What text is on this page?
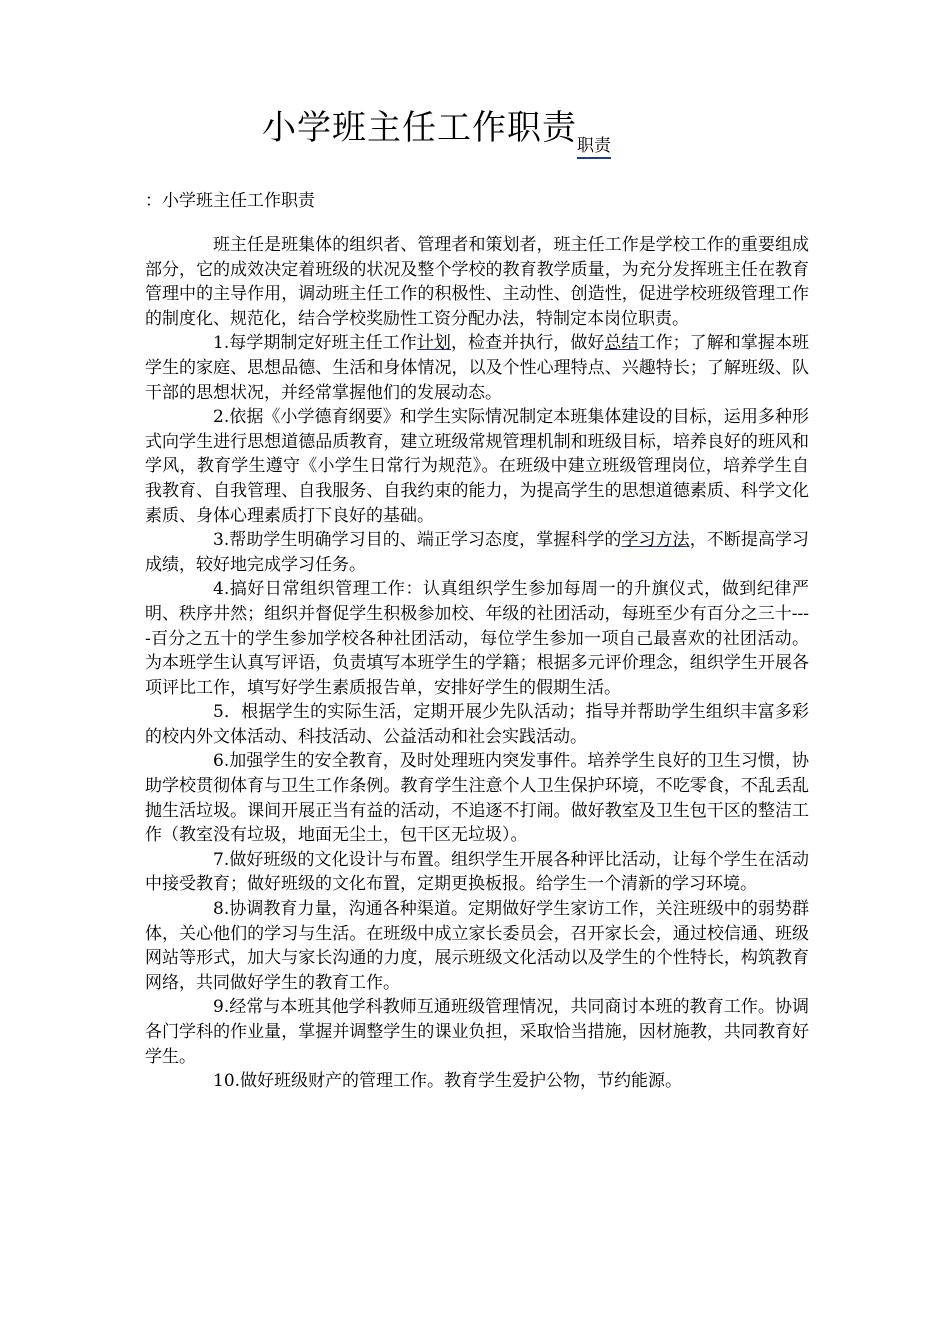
小学班主任工作职责职责
：小学班主任工作职责

班主任是班集体的组织者、管理者和策划者，班主任工作是学校工作的重要组成部分，它的成效决定着班级的状况及整个学校的教育教学质量，为充分发挥班主任在教育管理中的主导作用，调动班主任工作的积极性、主动性、创造性，促进学校班级管理工作的制度化、规范化，结合学校奖励性工资分配办法，特制定本岗位职责。

1.每学期制定好班主任工作计划，检查并执行，做好总结工作；了解和掌握本班学生的家庭、思想品德、生活和身体情况，以及个性心理特点、兴趣特长；了解班级、队干部的思想状况，并经常掌握他们的发展动态。

2.依据《小学德育纲要》和学生实际情况制定本班集体建设的目标，运用多种形式向学生进行思想道德品质教育，建立班级常规管理机制和班级目标，培养良好的班风和学风，教育学生遵守《小学生日常行为规范》。在班级中建立班级管理岗位，培养学生自我教育、自我管理、自我服务、自我约束的能力，为提高学生的思想道德素质、科学文化素质、身体心理素质打下良好的基础。

3.帮助学生明确学习目的、端正学习态度，掌握科学的学习方法，不断提高学习成绩，较好地完成学习任务。

4.搞好日常组织管理工作：认真组织学生参加每周一的升旗仪式，做到纪律严明、秩序井然；组织并督促学生积极参加校、年级的社团活动，每班至少有百分之三十----百分之五十的学生参加学校各种社团活动，每位学生参加一项自己最喜欢的社团活动。为本班学生认真写评语，负责填写本班学生的学籍；根据多元评价理念，组织学生开展各项评比工作，填写好学生素质报告单，安排好学生的假期生活。

5．根据学生的实际生活，定期开展少先队活动；指导并帮助学生组织丰富多彩的校内外文体活动、科技活动、公益活动和社会实践活动。

6.加强学生的安全教育，及时处理班内突发事件。培养学生良好的卫生习惯，协助学校贯彻体育与卫生工作条例。教育学生注意个人卫生保护环境，不吃零食，不乱丢乱抛生活垃圾。课间开展正当有益的活动，不追逐不打闹。做好教室及卫生包干区的整洁工作（教室没有垃圾，地面无尘土，包干区无垃圾）。

7.做好班级的文化设计与布置。组织学生开展各种评比活动，让每个学生在活动中接受教育；做好班级的文化布置，定期更换板报。给学生一个清新的学习环境。

8.协调教育力量，沟通各种渠道。定期做好学生家访工作，关注班级中的弱势群体，关心他们的学习与生活。在班级中成立家长委员会，召开家长会，通过校信通、班级网站等形式，加大与家长沟通的力度，展示班级文化活动以及学生的个性特长，构筑教育网络，共同做好学生的教育工作。

9.经常与本班其他学科教师互通班级管理情况，共同商讨本班的教育工作。协调各门学科的作业量，掌握并调整学生的课业负担，采取恰当措施，因材施教，共同教育好学生。

10.做好班级财产的管理工作。教育学生爱护公物，节约能源。
